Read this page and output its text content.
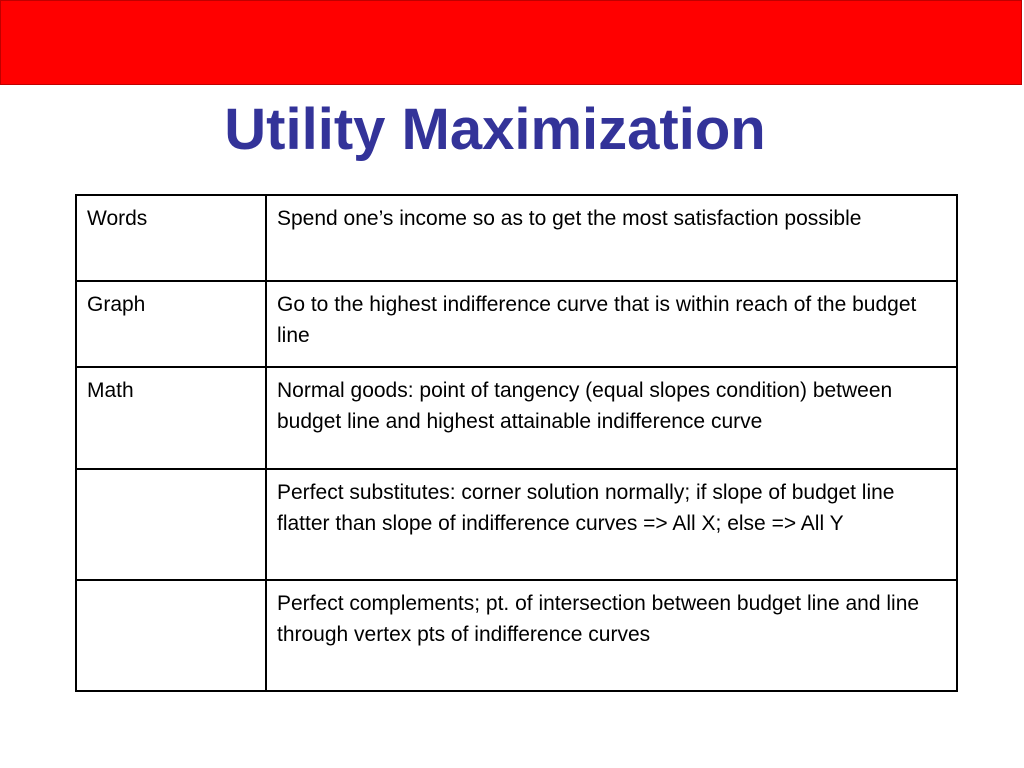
Utility Maximization
Words	Spend one’s income so as to get the most satisfaction possible
Graph	Go to the highest indifference curve that is within reach of the budget line
Math	Normal goods: point of tangency (equal slopes condition) between budget line and highest attainable indifference curve
	Perfect substitutes: corner solution normally; if slope of budget line flatter than slope of indifference curves => All X; else => All Y
	Perfect complements; pt. of intersection between budget line and line through vertex pts of indifference curves
